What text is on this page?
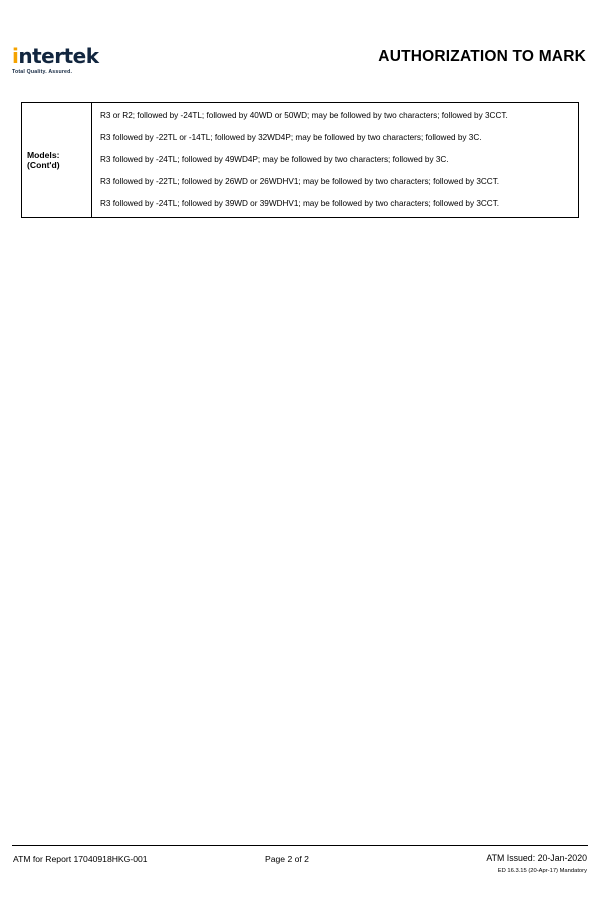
intertek
Total Quality. Assured.
AUTHORIZATION TO MARK
Models:
(Cont'd)

R3 or R2; followed by -24TL; followed by 40WD or 50WD; may be followed by two characters; followed by 3CCT.

R3 followed by -22TL or -14TL; followed by 32WD4P; may be followed by two characters; followed by 3C.

R3 followed by -24TL; followed by 49WD4P; may be followed by two characters; followed by 3C.

R3 followed by -22TL; followed by 26WD or 26WDHV1; may be followed by two characters; followed by 3CCT.

R3 followed by -24TL; followed by 39WD or 39WDHV1; may be followed by two characters; followed by 3CCT.

ATM for Report 17040918HKG-001	Page 2 of 2	ATM Issued: 20-Jan-2020
ED 16.3.15 (20-Apr-17) Mandatory
